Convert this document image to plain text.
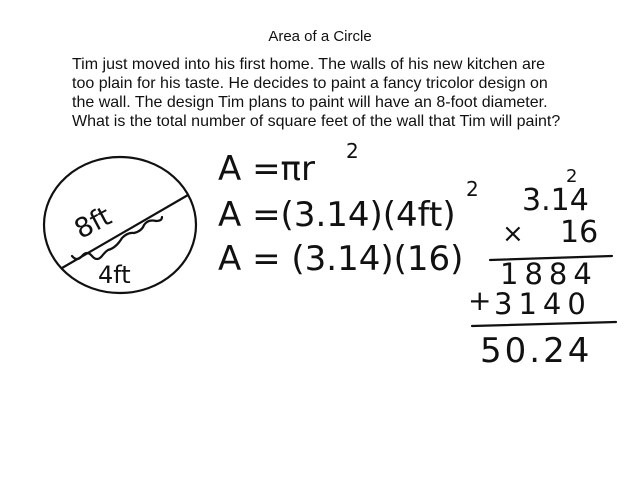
Area of a Circle
Tim just moved into his first home. The walls of his new kitchen are
too plain for his taste. He decides to paint a fancy tricolor design on
the wall. The design Tim plans to paint will have an 8-foot diameter.
What is the total number of square feet of the wall that Tim will paint?
8ft
4ft
A =πr 2
A =(3.14)(4ft)
2
A = (3.14)(16)
2
3.14
× 16
1884
+ 3140
50.24
